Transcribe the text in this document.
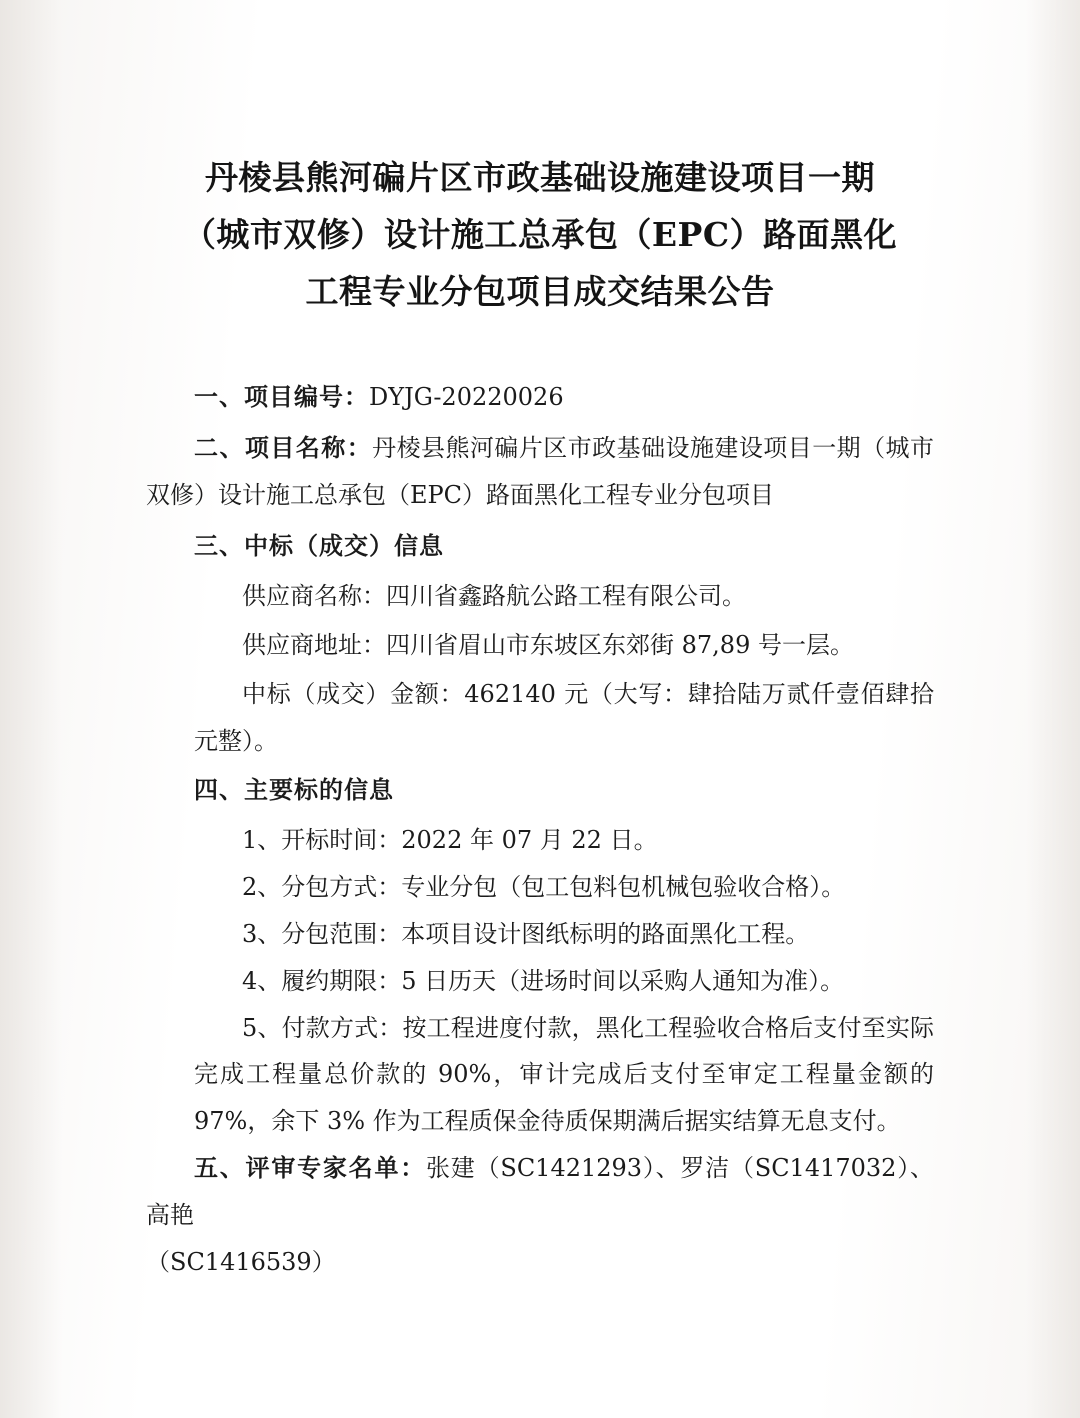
丹棱县熊河碥片区市政基础设施建设项目一期
（城市双修）设计施工总承包（EPC）路面黑化
工程专业分包项目成交结果公告

一、项目编号：DYJG-20220026

二、项目名称：丹棱县熊河碥片区市政基础设施建设项目一期（城市双修）设计施工总承包（EPC）路面黑化工程专业分包项目

三、中标（成交）信息

供应商名称：四川省鑫路航公路工程有限公司。

供应商地址：四川省眉山市东坡区东郊街 87,89 号一层。

中标（成交）金额：462140 元（大写：肆拾陆万贰仟壹佰肆拾元整）。

四、主要标的信息

1、开标时间：2022 年 07 月 22 日。
2、分包方式：专业分包（包工包料包机械包验收合格）。
3、分包范围：本项目设计图纸标明的路面黑化工程。
4、履约期限：5 日历天（进场时间以采购人通知为准）。
5、付款方式：按工程进度付款，黑化工程验收合格后支付至实际完成工程量总价款的 90%，审计完成后支付至审定工程量金额的 97%，余下 3% 作为工程质保金待质保期满后据实结算无息支付。

五、评审专家名单：张建（SC1421293）、罗洁（SC1417032）、高艳

（SC1416539）
